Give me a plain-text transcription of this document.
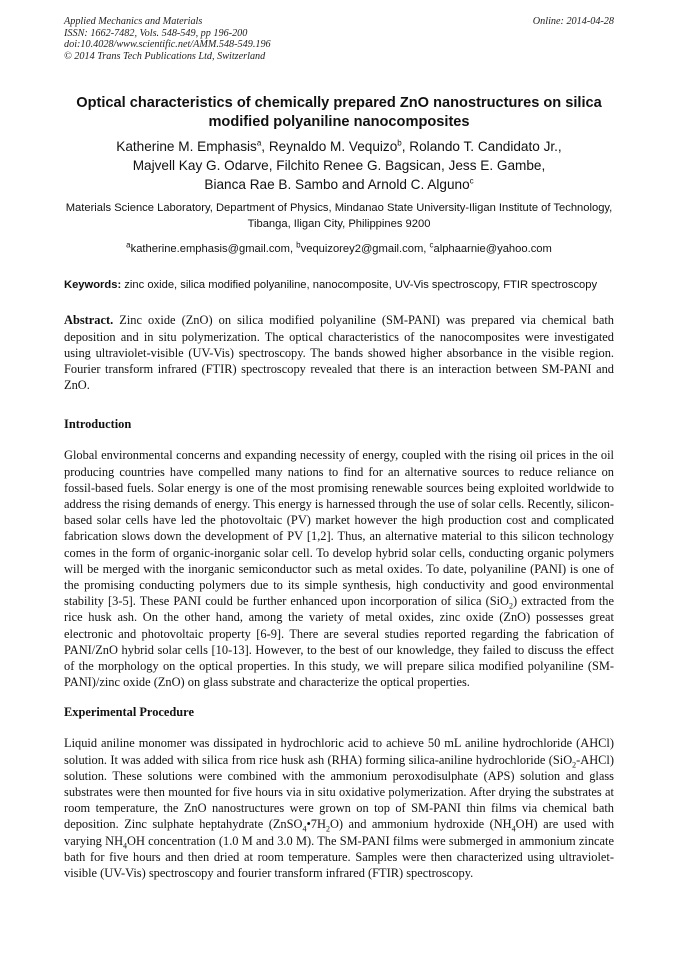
Applied Mechanics and Materials
ISSN: 1662-7482, Vols. 548-549, pp 196-200
doi:10.4028/www.scientific.net/AMM.548-549.196
© 2014 Trans Tech Publications Ltd, Switzerland
Online: 2014-04-28
Optical characteristics of chemically prepared ZnO nanostructures on silica modified polyaniline nanocomposites
Katherine M. Emphasis$^a$, Reynaldo M. Vequizo$^b$, Rolando T. Candidato Jr.,
Majvell Kay G. Odarve, Filchito Renee G. Bagsican, Jess E. Gambe,
Bianca Rae B. Sambo and Arnold C. Alguno$^c$
Materials Science Laboratory, Department of Physics, Mindanao State University-Iligan Institute of Technology, Tibanga, Iligan City, Philippines 9200
$^a$katherine.emphasis@gmail.com, $^b$vequizorey2@gmail.com, $^c$alphaarnie@yahoo.com
Keywords: zinc oxide, silica modified polyaniline, nanocomposite, UV-Vis spectroscopy, FTIR spectroscopy
Abstract. Zinc oxide (ZnO) on silica modified polyaniline (SM-PANI) was prepared via chemical bath deposition and in situ polymerization. The optical characteristics of the nanocomposites were investigated using ultraviolet-visible (UV-Vis) spectroscopy. The bands showed higher absorbance in the visible region. Fourier transform infrared (FTIR) spectroscopy revealed that there is an interaction between SM-PANI and ZnO.
Introduction
Global environmental concerns and expanding necessity of energy, coupled with the rising oil prices in the oil producing countries have compelled many nations to find for an alternative sources to reduce reliance on fossil-based fuels. Solar energy is one of the most promising renewable sources being exploited worldwide to address the rising demands of energy. This energy is harnessed through the use of solar cells. Recently, silicon-based solar cells have led the photovoltaic (PV) market however the high production cost and complicated fabrication slows down the development of PV [1,2]. Thus, an alternative material to this silicon technology comes in the form of organic-inorganic solar cell. To develop hybrid solar cells, conducting organic polymers will be merged with the inorganic semiconductor such as metal oxides. To date, polyaniline (PANI) is one of the promising conducting polymers due to its simple synthesis, high conductivity and good environmental stability [3-5]. These PANI could be further enhanced upon incorporation of silica (SiO$_2$) extracted from the rice husk ash. On the other hand, among the variety of metal oxides, zinc oxide (ZnO) possesses great electronic and photovoltaic property [6-9]. There are several studies reported regarding the fabrication of PANI/ZnO hybrid solar cells [10-13]. However, to the best of our knowledge, they failed to discuss the effect of the morphology on the optical properties. In this study, we will prepare silica modified polyaniline (SM-PANI)/zinc oxide (ZnO) on glass substrate and characterize the optical properties.
Experimental Procedure
Liquid aniline monomer was dissipated in hydrochloric acid to achieve 50 mL aniline hydrochloride (AHCl) solution. It was added with silica from rice husk ash (RHA) forming silica-aniline hydrochloride (SiO$_2$-AHCl) solution. These solutions were combined with the ammonium peroxodisulphate (APS) solution and glass substrates were then mounted for five hours via in situ oxidative polymerization. After drying the substrates at room temperature, the ZnO nanostructures were grown on top of SM-PANI thin films via chemical bath deposition. Zinc sulphate heptahydrate $(ZnSO_4•7H_2O)$ and ammonium hydroxide $(NH_4OH)$ are used with varying $NH_4OH$ concentration (1.0 M and 3.0 M). The SM-PANI films were submerged in ammonium zincate bath for five hours and then dried at room temperature. Samples were then characterized using ultraviolet-visible (UV-Vis) spectroscopy and fourier transform infrared (FTIR) spectroscopy.
